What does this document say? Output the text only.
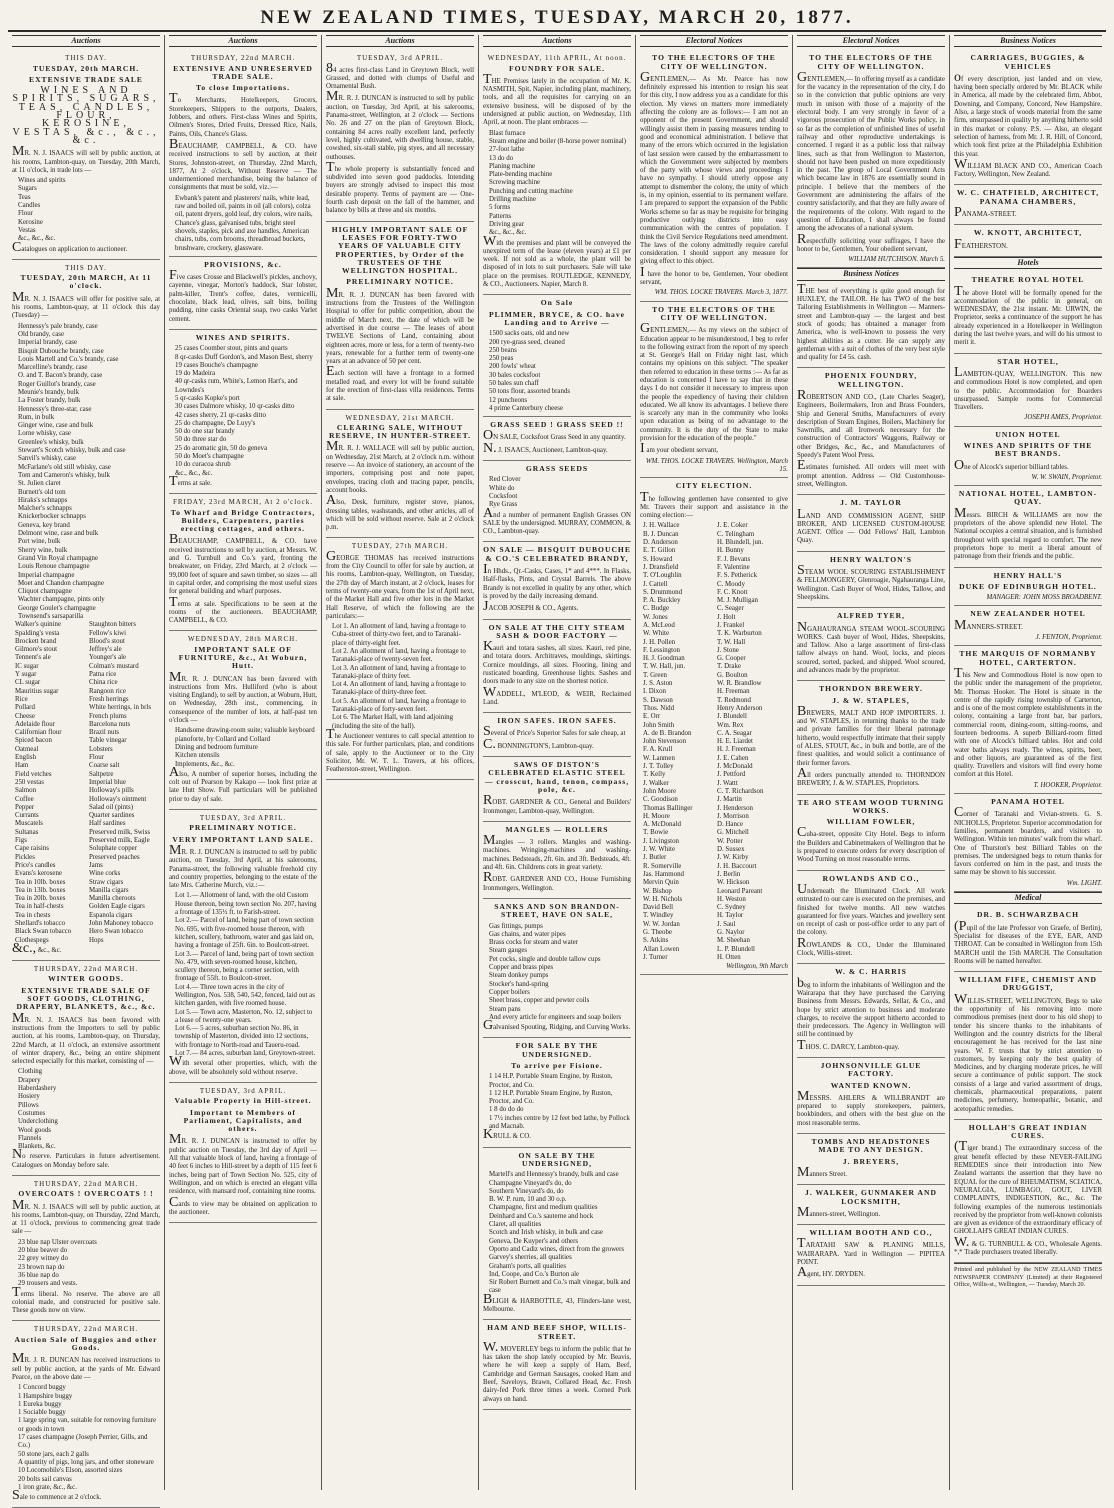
NEW ZEALAND TIMES, TUESDAY, MARCH 20, 1877.
Auctions
THIS DAY.
TUESDAY, 20th MARCH.
EXTENSIVE TRADE SALE
WINES AND SPIRITS, SUGARS, TEAS, CANDLES, FLOUR, KEROSINE, VESTAS, &c., &c., &c.
MR. N. J. ISAACS will sell by public auction, at his rooms, Lambton-quay, on Tuesday, 20th March, at 11 o'clock, in trade lots —
Wines and spirits
Sugars
Teas
Candles
Flour
Kerosine
Vestas
&c., &c., &c.
Catalogues on application to auctioneer.
THIS DAY.
TUESDAY, 20th MARCH, At 11 o'clock.
MR. N. J. ISAACS will offer for positive sale, at his rooms, Lambton-quay, at 11 o'clock this day (Tuesday) —
Hennessy's pale brandy, case
Old brandy, case
Imperial brandy, case
Bisquit Dubouche brandy, case
Louis Martell and Co.'s brandy, case
Marcelline's brandy, case
O. and T. Bacon's brandy, case
Roger Guillot's brandy, case
Meunie's brandy, bulk
La Foster brandy, bulk
Hennessy's three-star, case
Rum, in bulk
Ginger wine, case and bulk
Lorne whisky, case
Greenlee's whisky, bulk
Stewart's Scotch whisky, bulk and case
Sanvil's whisky, case
McFarlane's old still whisky, case
Tom and Cameron's whisky, bulk
St. Julien claret
Burnett's old tom
Hiraks's schnapps
Malcher's schnapps
Knickerbocker schnapps
Geneva, key brand
Delmont wine, case and bulk
Port wine, bulk
Sherry wine, bulk
Grand Vin Royal champagne
Louis Renoue champagne
Imperial champagne
Moet and Chandon champagne
Cliquot champagne
Wachter champagne, pints only
George Goulet's champagne
Townsend's sarsaparilla
Walker's quinine	Staughton bitters
Spalding's vesta	Fellow's kiwi
Brockett brand	Blood's stout
Gilmore's stout	Jeffrey's ale
Tennent's ale	Younger's ale
IC sugar	Colman's mustard
Y sugar	Patna rice
CL sugar	China rice
Mauritius sugar	Rangoon rice
Rice	Fresh herrings
Pollard	White herrings, in brls
Cheese	French plums
Adelaide flour	Barcelona nuts
Californian flour	Brazil nuts
Spiced bacon	Table vinegar
Oatmeal	Lobsters
English	Flour
Ham	Coarse salt
Field vetches	Saltpetre
250 vestas	Imperial blue
Salmon	Holloway's pills
Coffee	Holloway's ointment
Pepper	Salad oil (pints)
Currants	Quarter sardines
Muscatels	Half sardines
Sultanas	Preserved milk, Swiss
Figs	Preserved milk, Eagle
Cape raisins	Soluphate copper
Pickles	Preserved peaches
Price's candles	Jams
Evans's kerosene	Wine corks
Tea in 10lb. boxes	Straw cigars
Tea in 13lb. boxes	Manilla cigars
Tea in 20lb. boxes	Manilla cheroots
Tea in half-chests	Golden Eagle cigars
Tea in chests	Espanola cigars
Shellard's tobacco	John Mahoney tobacco
Black Swan tobacco	Hero Swan tobacco
Clothespegs	Hops
&c., &c., &c.
THURSDAY, 22nd MARCH.
WINTER GOODS.
EXTENSIVE TRADE SALE OF SOFT GOODS, CLOTHING, DRAPERY, BLANKETS, &c., &c.
MR. N. J. ISAACS has been favored with instructions from the Importers to sell by public auction, at his rooms, Lambton-quay, on Thursday, 22nd March, at 11 o'clock, an extensive assortment of winter drapery, &c., being an entire shipment selected especially for this market, consisting of —
Clothing
Drapery
Haberdashery
Hosiery
Pillows
Costumes
Underclothing
Wool goods
Flannels
Blankets, &c.
No reserve. Particulars in future advertisement. Catalogues on Monday before sale.
THURSDAY, 22nd MARCH.
OVERCOATS ! OVERCOATS ! !
MR. N. J. ISAACS will sell by public auction, at his rooms, Lambton-quay, on Thursday, 22nd March, at 11 o'clock, previous to commencing great trade sale —
23 blue nap Ulster overcoats
20 blue beaver do
22 grey witney do
23 brown nap do
36 blue nap do
29 trousers and vests.
Terms liberal. No reserve. The above are all colonial made, and constructed for positive sale. These goods now on view.
THURSDAY, 22nd MARCH.
Auction Sale of Buggies and other Goods.
MR. J. R. DUNCAN has received instructions to sell by public auction, at the yards of Mr. Edward Pearce, on the above date —
1 Concord buggy
1 Hampshire buggy
1 Eureka buggy
1 Sociable buggy
1 large spring van, suitable for removing furniture or goods in town
17 cases champagne (Joseph Perrier, Gills, and Co.)
50 stone jars, each 2 galls
A quantity of pigs, long jars, and other stoneware
10 Locomobile's Elson, assorted sizes
20 bolts sail canvas
1 iron grate, &c., &c.
Sale to commence at 2 o'clock.
Auctions
THURSDAY, 22nd MARCH.
EXTENSIVE AND UNRESERVED TRADE SALE.
To close Importations.
To Merchants, Hotelkeepers, Grocers, Storekeepers, Shippers to the outports, Dealers, Jobbers, and others. First-class Wines and Spirits, Oilmen's Stores, Dried Fruits, Dressed Rice, Nails, Paints, Oils, Chance's Glass.
BEAUCHAMP, CAMPBELL, & CO. have received instructions to sell by auction, at their Stores, Johnston-street, on Thursday, 22nd March, 1877, At 2 o'clock, Without Reserve — The undermentioned merchandise, being the balance of consignments that must be sold, viz.:—
Ewbank's patent and plasterers' nails, white lead, raw and boiled oil, paints in oil (all colors), colza oil, patent dryers, gold leaf, dry colors, wire nails, Chance's glass, galvanised tubs, bright steel shovels, staples, pick and axe handles, American chairs, tubs, corn brooms, threadbroad buckets, brushware, crockery, glassware.
PROVISIONS, &c.
Five cases Crosse and Blackwell's pickles, anchovy, cayenne, vinegar, Morton's haddock, Star lobster, palm-killer, Trent's coffee, dates, vermicelli, chocolate, black lead, olives, salt bins, boiling pudding, nine casks Oriental soap, two casks Varlet cement.
WINES AND SPIRITS.
25 cases Coomber stout, pints and quarts
8 qr-casks Duff Gordon's, and Mason Best, sherry
19 cases Bouche's champagne
19 do Madeira
40 qr-casks rum, White's, Lemon Hart's, and Lowndes's
5 qr-casks Kopke's port
30 cases Dalmore whisky, 10 qr-casks ditto
42 cases sherry, 21 qr-casks ditto
25 do champagne, De Luyy's
50 do one star brandy
50 do three star do
25 do aromatic gin, 50 do geneva
50 do Moet's champagne
10 do curacoa shrub
&c., &c., &c.
Terms at sale.
FRIDAY, 23rd MARCH, At 2 o'clock.
To Wharf and Bridge Contractors, Builders, Carpenters, parties erecting cottages, and others.
BEAUCHAMP, CAMPBELL, & CO. have received instructions to sell by auction, at Messrs. W. and G. Turnbull and Co.'s yard, fronting the breakwater, on Friday, 23rd March, at 2 o'clock — 99,000 feet of square and sawn timber, so sizes — all in capital order, and comprising the most useful sizes for general building and wharf purposes.
Terms at sale. Specifications to be seen at the rooms of the auctioneers. BEAUCHAMP, CAMPBELL, & CO.
WEDNESDAY, 28th MARCH.
IMPORTANT SALE OF FURNITURE, &c., At Woburn, Hutt.
MR. R. J. DUNCAN has been favored with instructions from Mrs. Hulliford (who is about visiting England), to sell by auction, at Woburn, Hutt, on Wednesday, 28th inst., commencing, in consequence of the number of lots, at half-past ten o'clock —
Handsome drawing-room suite; valuable keyboard pianoforte, by Collard and Collard
Dining and bedroom furniture
Kitchen utensils
Implements, &c., &c.
Also, A number of superior horses, including the colt out of Pearson by Kakapo — look first prize at late Hutt Show. Full particulars will be published prior to day of sale.
TUESDAY, 3rd APRIL.
PRELIMINARY NOTICE.
VERY IMPORTANT LAND SALE.
MR. R. J. DUNCAN is instructed to sell by public auction, on Tuesday, 3rd April, at his salerooms, Panama-street, the following valuable freehold city and country properties, belonging to the estate of the late Mrs. Catherine Murch, viz.:—
Lot 1.— Allotment of land, with the old Custom House thereon, being town section No. 207, having a frontage of 135½ ft. to Farish-street.
Lot 2.— Parcel of land, being part of town section No. 695, with five-roomed house thereon, with kitchen, scullery, bathroom, water and gas laid on, having a frontage of 25ft. 6in. to Boulcott-street.
Lot 3.— Parcel of land, being part of town section No. 479, with seven-roomed house, kitchen, scullery thereon, being a corner section, with frontage of 55ft. to Boulcott-street.
Lot 4.— Three town acres in the city of Wellington, Nos. 538, 540, 542, fenced, laid out as kitchen garden, with five roomed house.
Lot 5.— Town acre, Masterton, No. 12, subject to a lease of twenty-one years.
Lot 6.— 5 acres, suburban section No. 86, in township of Masterton, divided into 12 sections, with frontage to North-road and Taueru-road.
Lot 7.— 84 acres, suburban land, Greytown-street.
With several other properties, which, with the above, will be absolutely sold without reserve.
TUESDAY, 3rd APRIL.
Valuable Property in Hill-street.
Important to Members of Parliament, Capitalists, and others.
MR. R. J. DUNCAN is instructed to offer by public auction on Tuesday, the 3rd day of April — All that valuable block of land, having a frontage of 40 feet 6 inches to Hill-street by a depth of 115 feet 6 inches, being part of Town Section No. 525, city of Wellington, and on which is erected an elegant villa residence, with mansard roof, containing nine rooms.
Cards to view may be obtained on application to the auctioneer.
Auctions
TUESDAY, 3rd APRIL.
84 acres first-class Land in Greytown Block, well Grassed, and dotted with clumps of Useful and Ornamental Bush.
MR. R. J. DUNCAN is instructed to sell by public auction, on Tuesday, 3rd April, at his salerooms, Panama-street, Wellington, at 2 o'clock — Sections No. 26 and 27 on the plan of Greytown Block, containing 84 acres really excellent land, perfectly level, highly cultivated, with dwelling house, stable, cowshed, six-stall stable, pig styes, and all necessary outhouses.
The whole property is substantially fenced and subdivided into seven good paddocks. Intending buyers are strongly advised to inspect this most desirable property. Terms of payment are — One-fourth cash deposit on the fall of the hammer, and balance by bills at three and six months.
HIGHLY IMPORTANT SALE OF LEASES FOR FORTY-TWO YEARS OF VALUABLE CITY PROPERTIES, by Order of the TRUSTEES OF THE WELLINGTON HOSPITAL.
PRELIMINARY NOTICE.
MR. R. J. DUNCAN has been favored with instructions from the Trustees of the Wellington Hospital to offer for public competition, about the middle of March next, the date of which will be advertised in due course — The leases of about TWELVE Sections of Land, containing about eighteen acres, more or less, for a term of twenty-two years, renewable for a further term of twenty-one years at an advance of 50 per cent.
Each section will have a frontage to a formed metalled road, and every lot will be found suitable for the erection of first-class villa residences. Terms at sale.
WEDNESDAY, 21st MARCH.
CLEARING SALE, WITHOUT RESERVE, IN HUNTER-STREET.
MR. R. J. WALLACE will sell by public auction, on Wednesday, 21st March, at 2 o'clock n.m. without reserve — An invoice of stationery, an account of the importers, comprising post and note paper, envelopes, tracing cloth and tracing paper, pencils, account books.
Also, Desk, furniture, register stove, pianos, dressing tables, washstands, and other articles, all of which will be sold without reserve. Sale at 2 o'clock p.m.
TUESDAY, 27th MARCH.
GEORGE THOMAS has received instructions from the City Council to offer for sale by auction, at his rooms, Lambton-quay, Wellington, on Tuesday, the 27th day of March instant, at 2 o'clock, leases for terms of twenty-one years, from the 1st of April next, of the Market Hall and five other lots in the Market Hall Reserve, of which the following are the particulars:—
Lot 1. An allotment of land, having a frontage to Cuba-street of thirty-two feet, and to Taranaki-place of thirty-eight feet.
Lot 2. An allotment of land, having a frontage to Taranaki-place of twenty-seven feet.
Lot 3. An allotment of land, having a frontage to Taranaki-place of thirty feet.
Lot 4. An allotment of land, having a frontage to Taranaki-place of thirty-three feet.
Lot 5. An allotment of land, having a frontage to Taranaki-place of forty-seven feet.
Lot 6. The Market Hall, with land adjoining (including the site of the hall).
The Auctioneer ventures to call special attention to this sale. For further particulars, plan, and conditions of sale, apply to the Auctioneer or to the City Solicitor, Mr. W. T. L. Travers, at his offices, Featherston-street, Wellington.
Auctions
WEDNESDAY, 11th APRIL, At noon.
FOUNDRY FOR SALE.
THE Premises lately in the occupation of Mr. K. NASMITH, Spit, Napier, including plant, machinery, tools, and all the requisites for carrying on an extensive business, will be disposed of by the undersigned at public auction, on Wednesday, 11th April, at noon. The plant embraces —
Blast furnace
Steam engine and boiler (8-horse power nominal)
27-foot lathe
13 do do
Planing machine
Plate-bending machine
Screwing machine
Punching and cutting machine
Drilling machine
5 forms
Patterns
Driving gear
&c., &c., &c.
With the premises and plant will be conveyed the unexpired term of the lease (eleven years) at £1 per week. If not sold as a whole, the plant will be disposed of in lots to suit purchasers. Sale will take place on the premises. ROUTLEDGE, KENNEDY, & CO., Auctioneers. Napier, March 8.
On Sale
PLIMMER, BRYCE, & CO. have Landing and to Arrive —
1500 sacks oats, old and new
200 rye-grass seed, cleaned
250 beans
250 peas
200 fowls' wheat
30 bales cocksfoot
50 bales sun chaff
50 tons flour, assorted brands
12 puncheons
4 prime Canterbury cheese
GRASS SEED ! GRASS SEED !!
ON SALE, Cocksfoot Grass Seed in any quantity.
N. J. ISAACS, Auctioneer, Lambton-quay.
GRASS SEEDS
Red Clover
White do
Cocksfoot
Rye Grass
And a number of permanent English Grasses ON SALE by the undersigned. MURRAY, COMMON, & CO., Lambton-quay.
ON SALE — BISQUIT DUBOUCHE & CO.'S CELEBRATED BRANDY,
In Hhds., Qr.-Casks, Cases, 1* and 4***. In Flasks, Half-flasks, Pints, and Crystal Barrels. The above Brandy is not excelled in quality by any other, which is proved by the daily increasing demand.
JACOB JOSEPH & CO., Agents.
ON SALE AT THE CITY STEAM SASH & DOOR FACTORY —
Kauri and totara sashes, all sizes. Kauri, red pine, and totara doors. Architraves, mouldings, skirtings. Cornice mouldings, all sizes. Flooring, lining and rusticated boarding. Greenhouse lights. Sashes and doors made to any size on the shortest notice.
WADDELL, M'LEOD, & WEIR, Reclaimed Land.
IRON SAFES. IRON SAFES.
Several of Price's Superior Safes for sale cheap, at
C. BONNINGTON'S, Lambton-quay.
SAWS OF DISTON'S CELEBRATED ELASTIC STEEL — crosscut, hand, tenon, compass, pole, &c.
ROBT. GARDNER & CO., General and Builders' Ironmonger, Lambton-quay, Wellington.
MANGLES — ROLLERS
Mangles — 3 rollers. Mangles and washing-machines. Wringing-machines and washing-machines. Bedsteads, 2ft. 6in. and 3ft. Bedsteads, 4ft. and 4ft. 6in. Childrens cots in great variety.
ROBT. GARDNER AND CO., House Furnishing Ironmongers, Wellington.
SANKS AND SON BRANDON-STREET, HAVE ON SALE,
Gas fittings, pumps
Gas chains, and water pipes
Brass cocks for steam and water
Steam gauges
Pet cocks, single and double tallow cups
Copper and brass pipes
Steam donkey pumps
Stocker's hand-spring
Copper boilers
Sheet brass, copper and pewter coils
Steam pans
And every article for engineers and soap boilers
Galvanised Spouting, Ridging, and Curving Works.
FOR SALE BY THE UNDERSIGNED.
To arrive per Fisione.
1 14 H.P. Portable Steam Engine, by Ruston, Proctor, and Co.
1 12 H.P. Portable Steam Engine, by Ruston, Proctor, and Co.
1 8 do do do
1 7½ inches centre by 12 feet bed lathe, by Pollock and Macnab.
KRULL & CO.
ON SALE BY THE UNDERSIGNED,
Martell's and Hennessy's brandy, bulk and case
Champagne Vineyard's do, do
Southern Vineyard's do, do
B. W. P. rum, 10 and 30 o.p.
Champagne, first and medium qualities
Deinhard and Co.'s sauterne and hock
Claret, all qualities
Scotch and Irish whisky, in bulk and case
Geneva, De Kuyper's and others
Oporto and Cadiz wines, direct from the growers
Garvey's sherries, all qualities
Graham's ports, all qualities
Ind, Coope, and Co.'s Burton ale
Sir Robert Burnett and Co.'s malt vinegar, bulk and case
BLIGH & HARBOTTLE, 43, Flinders-lane west, Melbourne.
HAM AND BEEF SHOP, WILLIS-STREET.
W. MOVERLEY begs to inform the public that he has taken the shop lately occupied by Mr. Beavis, where he will keep a supply of Ham, Beef, Cambridge and German Sausages, cooked Ham and Beef, Saveloys, Brawn, Collared Head, &c. Fresh dairy-fed Pork three times a week. Corned Pork always on hand.
Electoral Notices
TO THE ELECTORS OF THE CITY OF WELLINGTON.
GENTLEMEN,— As Mr. Pearce has now definitely expressed his intention to resign his seat for this city, I now address you as a candidate for this election. My views on matters more immediately affecting the colony are as follows:— I am not an opponent of the present Government, and should willingly assist them in passing measures tending to good and economical administration. I believe that many of the errors which occurred in the legislation of last session were caused by the embarrassment to which the Government were subjected by members of the party with whose views and proceedings I have no sympathy. I should utterly oppose any attempt to dismember the colony, the unity of which is, in my opinion, essential to its permanent welfare. I am prepared to support the expansion of the Public Works scheme so far as may be requisite for bringing productive outlying districts into easy communication with the centres of population. I think the Civil Service Regulations need amendment. The laws of the colony admittedly require careful consideration. I should support any measure for giving effect to this object.
I have the honor to be, Gentlemen, Your obedient servant,
WM. THOS. LOCKE TRAVERS. March 3, 1877.
TO THE ELECTORS OF THE CITY OF WELLINGTON.
GENTLEMEN,— As my views on the subject of Education appear to be misunderstood, I beg to refer to the following extract from the report of my speech at St. George's Hall on Friday night last, which contains my opinions on this subject. "The speaker then referred to education in these terms :— As far as education is concerned I have to say that in these days I do not consider it necessary to impress upon the people the expediency of having their children educated. We all know its advantages. I believe there is scarcely any man in the community who looks upon education as being of no advantage to the community. It is the duty of the State to make provision for the education of the people."
I am your obedient servant,
WM. THOS. LOCKE TRAVERS. Wellington, March 15.
CITY ELECTION.
The following gentlemen have consented to give Mr. Travers their support and assistance in the coming election:—
J. H. Wallace	J. E. Coker
B. J. Duncan	C. Telingham
D. Anderson	H. Blundell, jun.
E. T. Gillon	H. Bunny
S. Howard	F. J. Bevans
J. Dransfield	F. Valentine
T. O'Loughlin	F. S. Petherick
J. Cattell	C. Moody
S. Drummond	F. C. Knott
P. A. Buckley	M. J. Mulligan
C. Budge	C. Seager
W. Jones	J. Holt
A. McLeod	J. Frankel
W. White	T. K. Warburton
J. H. Pollen	T. W. Hall
F. Lessington	J. Stone
H. J. Goodman	G. Cooper
T. W. Hall, jun.	T. Drake
T. Green	G. Boulton
J. S. Aston	W. R. Brandlow
I. Dixon	H. Freeman
S. Dawson	T. Redmond
Thos. Nidd	Henry Anderson
E. Orr	J. Blundell
John Smith	Wm. Rex
A. de B. Brandon	C. A. Seagar
John Stevenson	H. E. Liardet
F. A. Krull	H. J. Freeman
W. Lanmen	J. E. Cahen
J. T. Tolley	J. McDonald
T. Kelly	J. Pettford
J. Walker	J. Wattt
John Moore	C. T. Richardson
C. Goodison	J. Martin
Thomas Ballinger	J. Henderson
H. Moore	J. Morrison
A. McDonald	D. Hance
T. Bowie	G. Mitchell
J. Livingston	W. Potter
J. W. White	D. Sussex
J. Butler	J. W. Kirby
R. Somerville	J. H. Baccourt
Jas. Hammond	J. Berlin
Mervin Quin	W. Hickson
W. Bishop	Leonard Pareant
W. H. Nichols	H. Weston
David Bell	C. Sydney
T. Windley	H. Taylor
W. W. Jordan	J. Saul
G. Theobe	G. Naylor
S. Atkins	M. Sheehan
Allan Lowen	L. P. Blundell
J. Turner	H. Otten
Wellington, 9th March
Electoral Notices
TO THE ELECTORS OF THE CITY OF WELLINGTON.
GENTLEMEN,— In offering myself as a candidate for the vacancy in the representation of the city, I do so in the conviction that public opinions are very much in unison with those of a majority of the electoral body. I am very strongly in favor of a vigorous prosecution of the Public Works policy, in so far as the completion of unfinished lines of useful railway and other reproductive undertakings is concerned. I regard it as a public loss that railway lines, such as that from Wellington to Masterton, should not have been pushed on more expeditiously in the past. The group of Local Government Acts which became law in 1876 are essentially sound in principle. I believe that the members of the Government are administering the affairs of the country satisfactorily, and that they are fully aware of the requirements of the colony. With regard to the question of Education, I shall always be found among the advocates of a national system.
Respectfully soliciting your suffrages, I have the honor to be, Gentlemen, Your obedient servant,
WILLIAM HUTCHISON. March 5.
Business Notices
THE best of everything is quite good enough for HUXLEY, the TAILOR. He has TWO of the best Tailoring Establishments in Wellington — Manners-street and Lambton-quay — the largest and best stock of goods; has obtained a manager from America, who is well-known to possess the very highest abilities as a cutter. He can supply any gentleman with a suit of clothes of the very best style and quality for £4 5s. cash.
PHOENIX FOUNDRY, WELLINGTON.
ROBERTSON AND CO., (Late Charles Seager), Engineers, Boilermakers, Iron and Brass Founders, Ship and General Smiths, Manufacturers of every description of Steam Engines, Boilers, Machinery for Sawmills, and all Ironwork necessary for the construction of Contractors' Waggons, Railway or other Bridges, &c., &c., and Manufacturers of Speedy's Patent Wool Press.
Estimates furnished. All orders will meet with prompt attention. Address — Old Customhouse-street, Wellington.
J. M. TAYLOR
LAND AND COMMISSION AGENT, SHIP BROKER, AND LICENSED CUSTOM-HOUSE AGENT. Office — Odd Fellows' Hall, Lambton Quay.
HENRY WALTON'S
STEAM WOOL SCOURING ESTABLISHMENT & FELLMONGERY, Glenroagie, Ngahauranga Line, Wellington. Cash Buyer of Wool, Hides, Tallow, and Sheepskins.
ALFRED TYER,
NGAHAURANGA STEAM WOOL-SCOURING WORKS. Cash buyer of Wool, Hides, Sheepskins, and Tallow. Also a large assortment of first-class tallow always on hand. Wool, locks, and pieces scoured, sorted, packed, and shipped. Wool scoured, and advances made by the proprietor.
THORNDON BREWERY.
J. & W. STAPLES,
BREWERS, MALT AND HOP IMPORTERS. J. and W. STAPLES, in returning thanks to the trade and private families for their liberal patronage hitherto, would respectfully intimate that their supply of ALES, STOUT, &c., in bulk and bottle, are of the finest qualities, and would solicit a continuance of their former favors.
All orders punctually attended to. THORNDON BREWERY, J. & W. STAPLES, Proprietors.
TE ARO STEAM WOOD TURNING WORKS.
WILLIAM FOWLER,
Cuba-street, opposite City Hotel. Begs to inform the Builders and Cabinetmakers of Wellington that he is prepared to execute orders for every description of Wood Turning on most reasonable terms.
ROWLANDS AND CO.,
Underneath the Illuminated Clock. All work entrusted to our care is executed on the premises, and finished for twelve months. All new watches guaranteed for five years. Watches and jewellery sent on receipt of cash or post-office order to any part of the colony.
ROWLANDS & CO., Under the Illuminated Clock, Willis-street.
W. & C. HARRIS
beg to inform the inhabitants of Wellington and the Wairarapa that they have purchased the Carrying Business from Messrs. Edwards, Sellar, & Co., and hope by strict attention to business and moderate charges, to receive the support hitherto accorded to their predecessors. The Agency in Wellington will still be continued by
THOS. C. DARCY, Lambton-quay.
JOHNSONVILLE GLUE FACTORY.
WANTED KNOWN.
MESSRS. AHLERS & WILLBRANDT are prepared to supply storekeepers, painters, bookbinders, and others with the best glue on the most reasonable terms.
TOMBS AND HEADSTONES MADE TO ANY DESIGN.
J. BREYERS,
Manners Street.
J. WALKER, GUNMAKER AND LOCKSMITH,
Manners-street, Wellington.
WILLIAM BOOTH AND CO.,
TARATAHI SAW & PLANING MILLS, WAIRARAPA. Yard in Wellington — PIPITEA POINT.
Agent, HY. DRYDEN.
Business Notices
CARRIAGES, BUGGIES, & VEHICLES
of every description, just landed and on view, having been specially ordered by Mr. BLACK while in America, all made by the celebrated firm, Abbot, Downing, and Company, Concord, New Hampshire. Also, a large stock of woods material from the same firm, unsurpassed in quality by anything hitherto sold in this market or colony. P.S. — Also, an elegant selection of harness, from Mr. J. R. Hill, of Concord, which took first prize at the Philadelphia Exhibition this year.
WILLIAM BLACK AND CO., American Coach Factory, Wellington, New Zealand.
W. C. CHATFIELD, ARCHITECT, PANAMA CHAMBERS,
PANAMA-STREET.
W. KNOTT, ARCHITECT,
FEATHERSTON.
Hotels
THEATRE ROYAL HOTEL
The above Hotel will be formally opened for the accommodation of the public in general, on WEDNESDAY, the 21st instant. Mr. URWIN, the Proprietor, seeks a continuance of the support he has already experienced in a Hotelkeeper in Wellington during the last twelve years, and will do his utmost to merit it.
STAR HOTEL,
LAMBTON-QUAY, WELLINGTON. This new and commodious Hotel is now completed, and open to the public. Accommodation for Boarders unsurpassed. Sample rooms for Commercial Travellers.
JOSEPH AMES, Proprietor.
UNION HOTEL
WINES AND SPIRITS OF THE BEST BRANDS.
One of Alcock's superior billiard tables.
W. W. SWAIN, Proprietor.
NATIONAL HOTEL, LAMBTON-QUAY.
Messrs. BIRCH & WILLIAMS are now the proprietors of the above splendid new Hotel. The National occupies a central situation, and is furnished throughout with special regard to comfort. The new proprietors hope to merit a liberal amount of patronage from their friends and the public.
HENRY HALL'S
DUKE OF EDINBURGH HOTEL.
MANAGER: JOHN MOSS BROADBENT.
NEW ZEALANDER HOTEL
MANNERS-STREET.
J. FENTON, Proprietor.
THE MARQUIS OF NORMANBY HOTEL, CARTERTON.
This New and Commodious Hotel is now open to the public under the management of the proprietor, Mr. Thomas Hooker. The Hotel is situate in the centre of the rapidly rising township of Carterton, and is one of the most complete establishments in the colony, containing a large front bar, bar parlors, commercial room, dining-room, sitting-rooms, and fourteen bedrooms. A superb Billiard-room fitted with one of Alcock's billiard tables. Hot and cold water baths always ready. The wines, spirits, beer, and other liquors, are guaranteed as of the first quality. Travellers and visitors will find every home comfort at this Hotel.
T. HOOKER, Proprietor.
PANAMA HOTEL
Corner of Taranaki and Vivian-streets. G. S. NICHOLLS, Proprietor. Superior accommodation for families, permanent boarders, and visitors to Wellington. Within ten minutes' walk from the wharf. One of Thurston's best Billiard Tables on the premises. The undersigned begs to return thanks for favors conferred on him in the past, and trusts the same may be shown to his successor.
Wm. LIGHT.
Medical
DR. B. SCHWARZBACH
(Pupil of the late Professor von Graefe, of Berlin), Specialist for diseases of the EYE, EAR, AND THROAT. Can be consulted in Wellington from 15th MARCH until the 15th MARCH. The Consultation Rooms will be named hereafter.
WILLIAM FIFE, CHEMIST AND DRUGGIST,
WILLIS-STREET, WELLINGTON, Begs to take the opportunity of his removing into more commodious premises (next door to his old shop) to tender his sincere thanks to the inhabitants of Wellington and the country districts for the liberal encouragement he has received for the last nine years. W. F. trusts that by strict attention to customers, by keeping only the best quality of Medicines, and by charging moderate prices, he will secure a continuance of public support. The stock consists of a large and varied assortment of drugs, chemicals, pharmaceutical preparations, patent medicines, perfumery, homeopathic, botanic, and acetopathic remedies.
HOLLAH'S GREAT INDIAN CURES.
(Tiger brand.) The extraordinary success of the great benefit effected by these NEVER-FAILING REMEDIES since their introduction into New Zealand warrants the assertion that they have no EQUAL for the cure of RHEUMATISM, SCIATICA, NEURALGIA, LUMBAGO, GOUT, LIVER COMPLAINTS, INDIGESTION, &c., &c. The following examples of the numerous testimonials received by the proprietor from well-known colonists are given as evidence of the extraordinary efficacy of GHOLLAH'S GREAT INDIAN CURES.
W. & G. TURNBULL & CO., Wholesale Agents. *,* Trade purchasers treated liberally.
Printed and published by the NEW ZEALAND TIMES NEWSPAPER COMPANY (Limited) at their Registered Office, Willis-st., Wellington, — Tuesday, March 20.
